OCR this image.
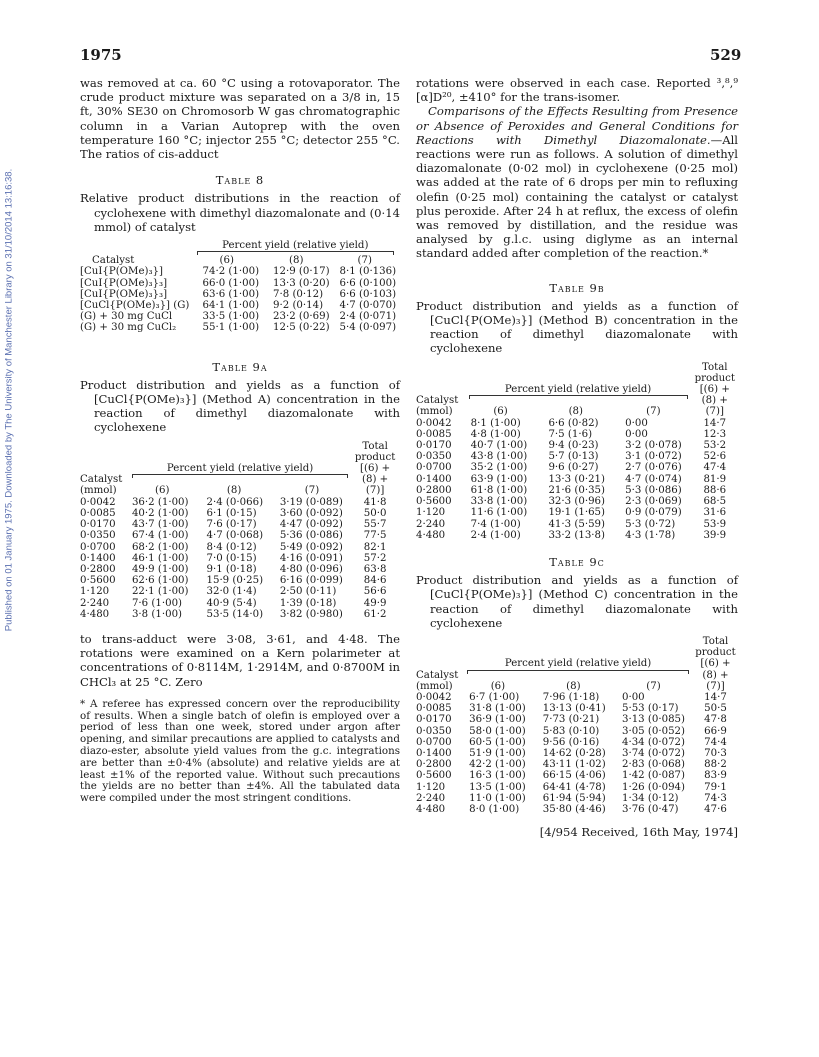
1975	529
Published on 01 January 1975. Downloaded by The University of Manchester Library on 31/10/2014 13:16:38.

was removed at ca. 60 °C using a rotovaporator. The crude product mixture was separated on a 3/8 in, 15 ft, 30% SE30 on Chromosorb W gas chromatographic column in a Varian Autoprep with the oven temperature 160 °C; injector 255 °C; detector 255 °C. The ratios of cis-adduct

Table 8
Relative product distributions in the reaction of cyclohexene with dimethyl diazomalonate and (0·14 mmol) of catalyst
	Percent yield (relative yield)		

Catalyst	(6)	(8)	(7)
[CuI{P(OMe)₃}]	74·2 (1·00)	12·9 (0·17)	8·1 (0·136)
[CuI{P(OMe)₃}₃]	66·0 (1·00)	13·3 (0·20)	6·6 (0·100)
[CuI{P(OMe)₃}₃]	63·6 (1·00)	7·8 (0·12)	6·6 (0·103)
[CuCl{P(OMe)₃}] (G)	64·1 (1·00)	9·2 (0·14)	4·7 (0·070)
(G) + 30 mg CuCl	33·5 (1·00)	23·2 (0·69)	2·4 (0·071)
(G) + 30 mg CuCl₂	55·1 (1·00)	12·5 (0·22)	5·4 (0·097)
Table 9a
Product distribution and yields as a function of [CuCl{P(OMe)₃}] (Method A) concentration in the reaction of dimethyl diazomalonate with cyclohexene
				Total
				product
	Percent yield (relative yield)			[(6) +
Catalyst				(8) +
(mmol)	(6)	(8)	(7)	(7)]
0·0042	36·2 (1·00)	2·4 (0·066)	3·19 (0·089)	41·8
0·0085	40·2 (1·00)	6·1 (0·15)	3·60 (0·092)	50·0
0·0170	43·7 (1·00)	7·6 (0·17)	4·47 (0·092)	55·7
0·0350	67·4 (1·00)	4·7 (0·068)	5·36 (0·086)	77·5
0·0700	68·2 (1·00)	8·4 (0·12)	5·49 (0·092)	82·1
0·1400	46·1 (1·00)	7·0 (0·15)	4·16 (0·091)	57·2
0·2800	49·9 (1·00)	9·1 (0·18)	4·80 (0·096)	63·8
0·5600	62·6 (1·00)	15·9 (0·25)	6·16 (0·099)	84·6
1·120	22·1 (1·00)	32·0 (1·4)	2·50 (0·11)	56·6
2·240	7·6 (1·00)	40·9 (5·4)	1·39 (0·18)	49·9
4·480	3·8 (1·00)	53·5 (14·0)	3·82 (0·980)	61·2

to trans-adduct were 3·08, 3·61, and 4·48. The rotations were examined on a Kern polarimeter at concentrations of 0·8114M, 1·2914M, and 0·8700M in CHCl₃ at 25 °C. Zero

* A referee has expressed concern over the reproducibility of results. When a single batch of olefin is employed over a period of less than one week, stored under argon after opening, and similar precautions are applied to catalysts and diazo-ester, absolute yield values from the g.c. integrations are better than ±0·4% (absolute) and relative yields are at least ±1% of the reported value. Without such precautions the yields are no better than ±4%. All the tabulated data were compiled under the most stringent conditions.

rotations were observed in each case. Reported ³,⁸,⁹ [α]D²⁰, ±410° for the trans-isomer.

Comparisons of the Effects Resulting from Presence or Absence of Peroxides and General Conditions for Reactions with Dimethyl Diazomalonate.—All reactions were run as follows. A solution of dimethyl diazomalonate (0·02 mol) in cyclohexene (0·25 mol) was added at the rate of 6 drops per min to refluxing olefin (0·25 mol) containing the catalyst or catalyst plus peroxide. After 24 h at reflux, the excess of olefin was removed by distillation, and the residue was analysed by g.l.c. using diglyme as an internal standard added after completion of the reaction.*

Table 9b
Product distribution and yields as a function of [CuCl{P(OMe)₃}] (Method B) concentration in the reaction of dimethyl diazomalonate with cyclohexene
				Total
				product
	Percent yield (relative yield)			[(6) +
Catalyst				(8) +
(mmol)	(6)	(8)	(7)	(7)]
0·0042	8·1 (1·00)	6·6 (0·82)	0·00	14·7
0·0085	4·8 (1·00)	7·5 (1·6)	0·00	12·3
0·0170	40·7 (1·00)	9·4 (0·23)	3·2 (0·078)	53·2
0·0350	43·8 (1·00)	5·7 (0·13)	3·1 (0·072)	52·6
0·0700	35·2 (1·00)	9·6 (0·27)	2·7 (0·076)	47·4
0·1400	63·9 (1·00)	13·3 (0·21)	4·7 (0·074)	81·9
0·2800	61·8 (1·00)	21·6 (0·35)	5·3 (0·086)	88·6
0·5600	33·8 (1·00)	32·3 (0·96)	2·3 (0·069)	68·5
1·120	11·6 (1·00)	19·1 (1·65)	0·9 (0·079)	31·6
2·240	7·4 (1·00)	41·3 (5·59)	5·3 (0·72)	53·9
4·480	2·4 (1·00)	33·2 (13·8)	4·3 (1·78)	39·9
Table 9c
Product distribution and yields as a function of [CuCl{P(OMe)₃}] (Method C) concentration in the reaction of dimethyl diazomalonate with cyclohexene
				Total
				product
	Percent yield (relative yield)			[(6) +
Catalyst				(8) +
(mmol)	(6)	(8)	(7)	(7)]
0·0042	6·7 (1·00)	7·96 (1·18)	0·00	14·7
0·0085	31·8 (1·00)	13·13 (0·41)	5·53 (0·17)	50·5
0·0170	36·9 (1·00)	7·73 (0·21)	3·13 (0·085)	47·8
0·0350	58·0 (1·00)	5·83 (0·10)	3·05 (0·052)	66·9
0·0700	60·5 (1·00)	9·56 (0·16)	4·34 (0·072)	74·4
0·1400	51·9 (1·00)	14·62 (0·28)	3·74 (0·072)	70·3
0·2800	42·2 (1·00)	43·11 (1·02)	2·83 (0·068)	88·2
0·5600	16·3 (1·00)	66·15 (4·06)	1·42 (0·087)	83·9
1·120	13·5 (1·00)	64·41 (4·78)	1·26 (0·094)	79·1
2·240	11·0 (1·00)	61·94 (5·94)	1·34 (0·12)	74·3
4·480	8·0 (1·00)	35·80 (4·46)	3·76 (0·47)	47·6
[4/954 Received, 16th May, 1974]
